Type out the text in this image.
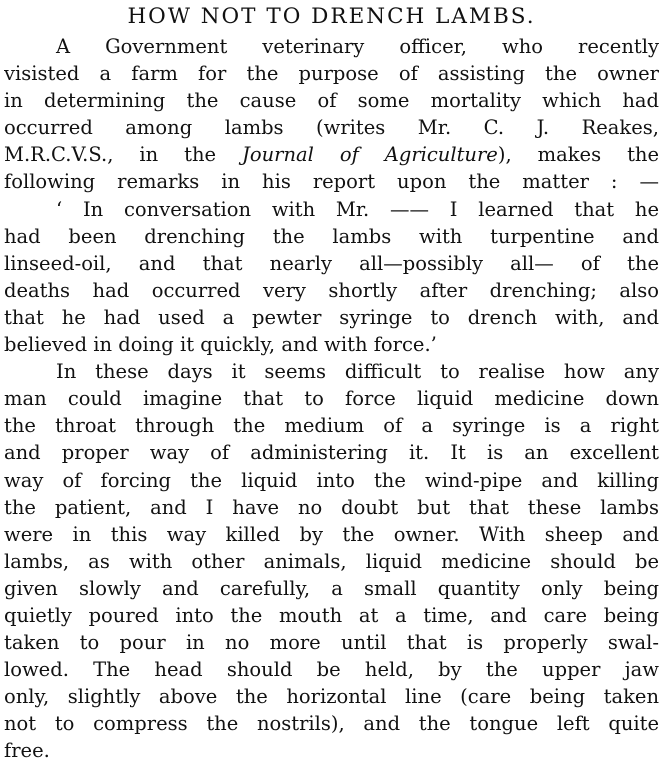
HOW NOT TO DRENCH LAMBS.
A Government veterinary officer, who recently
visisted a farm for the purpose of assisting the owner
in determining the cause of some mortality which had
occurred among lambs (writes Mr. C. J. Reakes,
M.R.C.V.S., in the Journal of Agriculture), makes the
following remarks in his report upon the matter : —
‘ In conversation with Mr. —— I learned that he
had been drenching the lambs with turpentine and
linseed-oil, and that nearly all—possibly all— of the
deaths had occurred very shortly after drenching; also
that he had used a pewter syringe to drench with, and
believed in doing it quickly, and with force.’
In these days it seems difficult to realise how any
man could imagine that to force liquid medicine down
the throat through the medium of a syringe is a right
and proper way of administering it. It is an excellent
way of forcing the liquid into the wind-pipe and killing
the patient, and I have no doubt but that these lambs
were in this way killed by the owner. With sheep and
lambs, as with other animals, liquid medicine should be
given slowly and carefully, a small quantity only being
quietly poured into the mouth at a time, and care being
taken to pour in no more until that is properly swal-
lowed. The head should be held, by the upper jaw
only, slightly above the horizontal line (care being taken
not to compress the nostrils), and the tongue left quite
free.
